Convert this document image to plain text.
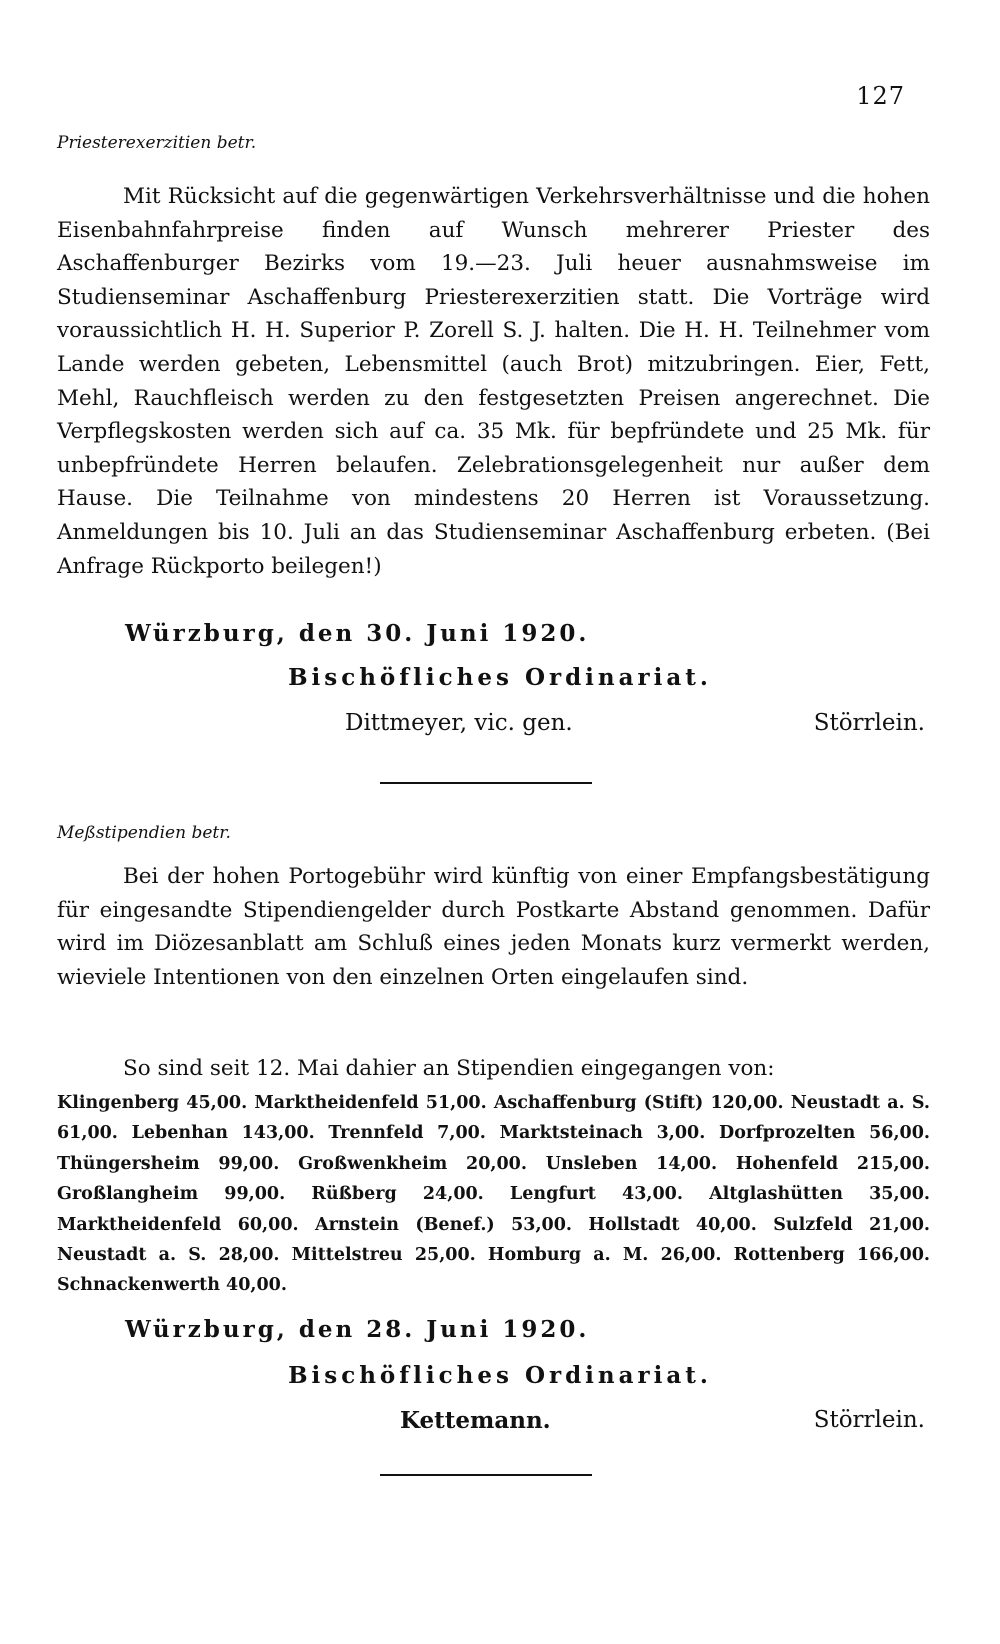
127
Priesterexerzitien betr.

Mit Rücksicht auf die gegenwärtigen Verkehrsverhältnisse und die hohen Eisenbahnfahrpreise finden auf Wunsch mehrerer Priester des Aschaffenburger Bezirks vom 19.—23. Juli heuer ausnahmsweise im Studienseminar Aschaffenburg Priesterexerzitien statt. Die Vorträge wird voraussichtlich H. H. Superior P. Zorell S. J. halten. Die H. H. Teilnehmer vom Lande werden gebeten, Lebensmittel (auch Brot) mitzubringen. Eier, Fett, Mehl, Rauchfleisch werden zu den festgesetzten Preisen angerechnet. Die Verpflegskosten werden sich auf ca. 35 Mk. für bepfründete und 25 Mk. für unbepfründete Herren belaufen. Zelebrationsgelegenheit nur außer dem Hause. Die Teilnahme von mindestens 20 Herren ist Voraussetzung. Anmeldungen bis 10. Juli an das Studienseminar Aschaffenburg erbeten. (Bei Anfrage Rückporto beilegen!)

Würzburg, den 30. Juni 1920.
Bischöfliches Ordinariat.
Dittmeyer, vic. gen.	Störrlein.
Meßstipendien betr.

Bei der hohen Portogebühr wird künftig von einer Empfangsbestätigung für eingesandte Stipendiengelder durch Postkarte Abstand genommen. Dafür wird im Diözesanblatt am Schluß eines jeden Monats kurz vermerkt werden, wieviele Intentionen von den einzelnen Orten eingelaufen sind.

So sind seit 12. Mai dahier an Stipendien eingegangen von:

Klingenberg 45,00. Marktheidenfeld 51,00. Aschaffenburg (Stift) 120,00. Neustadt a. S. 61,00. Lebenhan 143,00. Trennfeld 7,00. Marktsteinach 3,00. Dorfprozelten 56,00. Thüngersheim 99,00. Großwenkheim 20,00. Unsleben 14,00. Hohenfeld 215,00. Großlangheim 99,00. Rüßberg 24,00. Lengfurt 43,00. Altglashütten 35,00. Marktheidenfeld 60,00. Arnstein (Benef.) 53,00. Hollstadt 40,00. Sulzfeld 21,00. Neustadt a. S. 28,00. Mittelstreu 25,00. Homburg a. M. 26,00. Rottenberg 166,00. Schnackenwerth 40,00.

Würzburg, den 28. Juni 1920.
Bischöfliches Ordinariat.
Kettemann.	Störrlein.
